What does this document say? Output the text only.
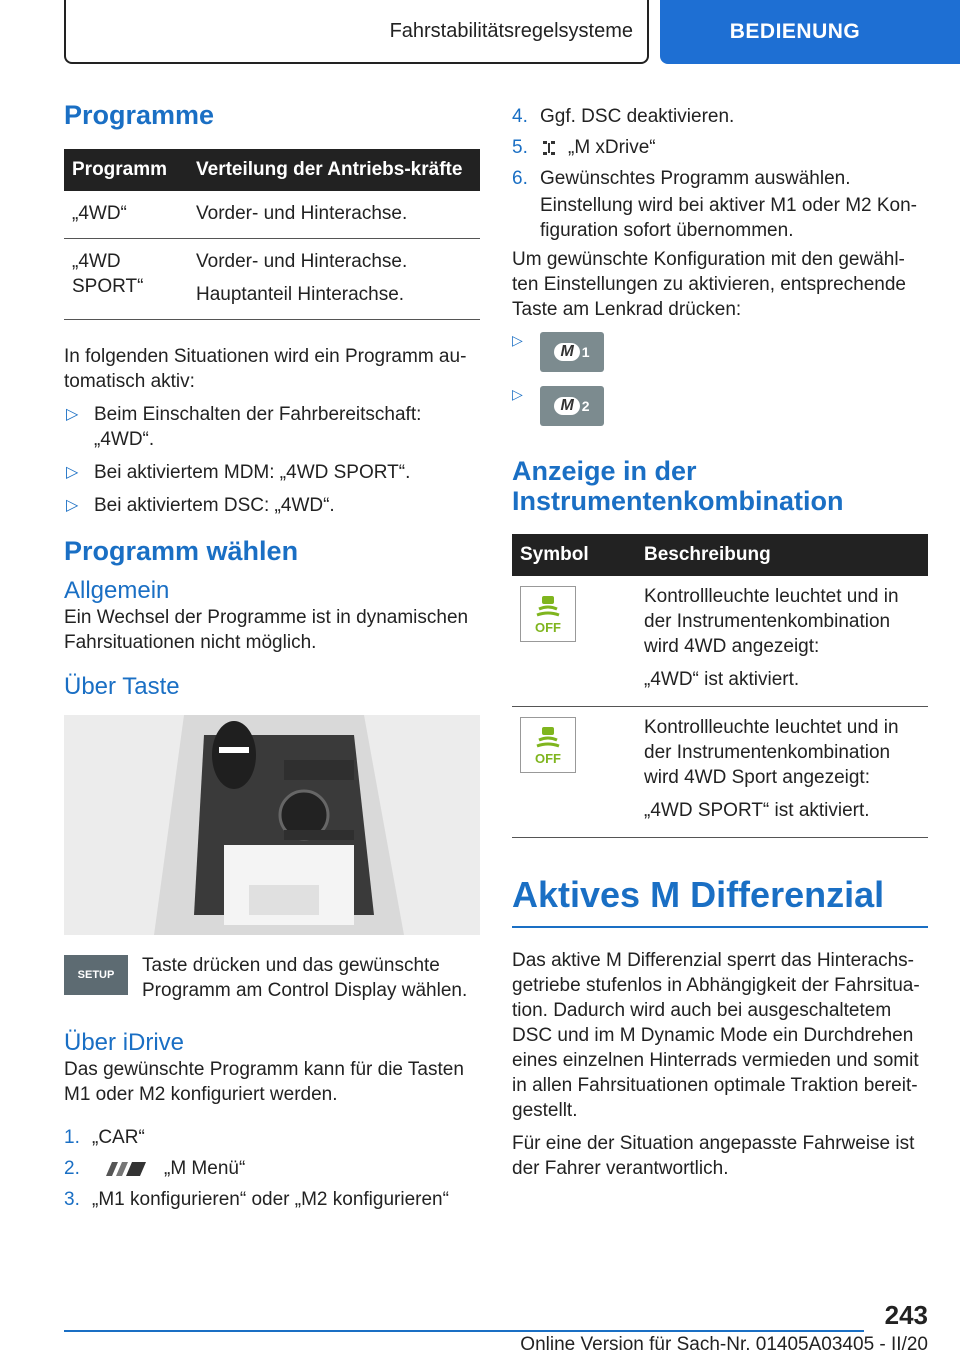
Fahrstabilitätsregelsysteme	BEDIENUNG
Programme
Programm	Verteilung der Antriebs-kräfte
„4WD“	Vorder- und Hinterachse.
„4WD SPORT“	Vorder- und Hinterachse.

Hauptanteil Hinterachse.

In folgenden Situationen wird ein Programm au-tomatisch aktiv:

▷ Beim Einschalten der Fahrbereitschaft: „4WD“.
▷ Bei aktiviertem MDM: „4WD SPORT“.
▷ Bei aktiviertem DSC: „4WD“.
Programm wählen
Allgemein

Ein Wechsel der Programme ist in dynamischen Fahrsituationen nicht möglich.

Über Taste
SETUP Taste drücken und das gewünschte Programm am Control Display wählen.

Über iDrive

Das gewünschte Programm kann für die Tasten M1 oder M2 konfiguriert werden.

1. „CAR“
2.	„M Menü“
3. „M1 konfigurieren“ oder „M2 konfigurieren“
4. Ggf. DSC deaktivieren.
5. „M xDrive“
6. Gewünschtes Programm auswählen.

Einstellung wird bei aktiver M1 oder M2 Kon-figuration sofort übernommen.

Um gewünschte Konfiguration mit den gewähl-ten Einstellungen zu aktivieren, entsprechende Taste am Lenkrad drücken:

▷
M 1
▷
M 2
Anzeige in der Instrumentenkombination
Symbol	Beschreibung

OFF	Kontrollleuchte leuchtet und in der Instrumentenkombination wird 4WD angezeigt:

„4WD“ ist aktiviert.

OFF	Kontrollleuchte leuchtet und in der Instrumentenkombination wird 4WD Sport angezeigt:

„4WD SPORT“ ist aktiviert.

Aktives M Differenzial

Das aktive M Differenzial sperrt das Hinterachs-getriebe stufenlos in Abhängigkeit der Fahrsitua-tion. Dadurch wird auch bei ausgeschaltetem DSC und im M Dynamic Mode ein Durchdrehen eines einzelnen Hinterrads vermieden und somit in allen Fahrsituationen optimale Traktion bereit-gestellt.

Für eine der Situation angepasste Fahrweise ist der Fahrer verantwortlich.

243
Online Version für Sach-Nr. 01405A03405 - II/20
